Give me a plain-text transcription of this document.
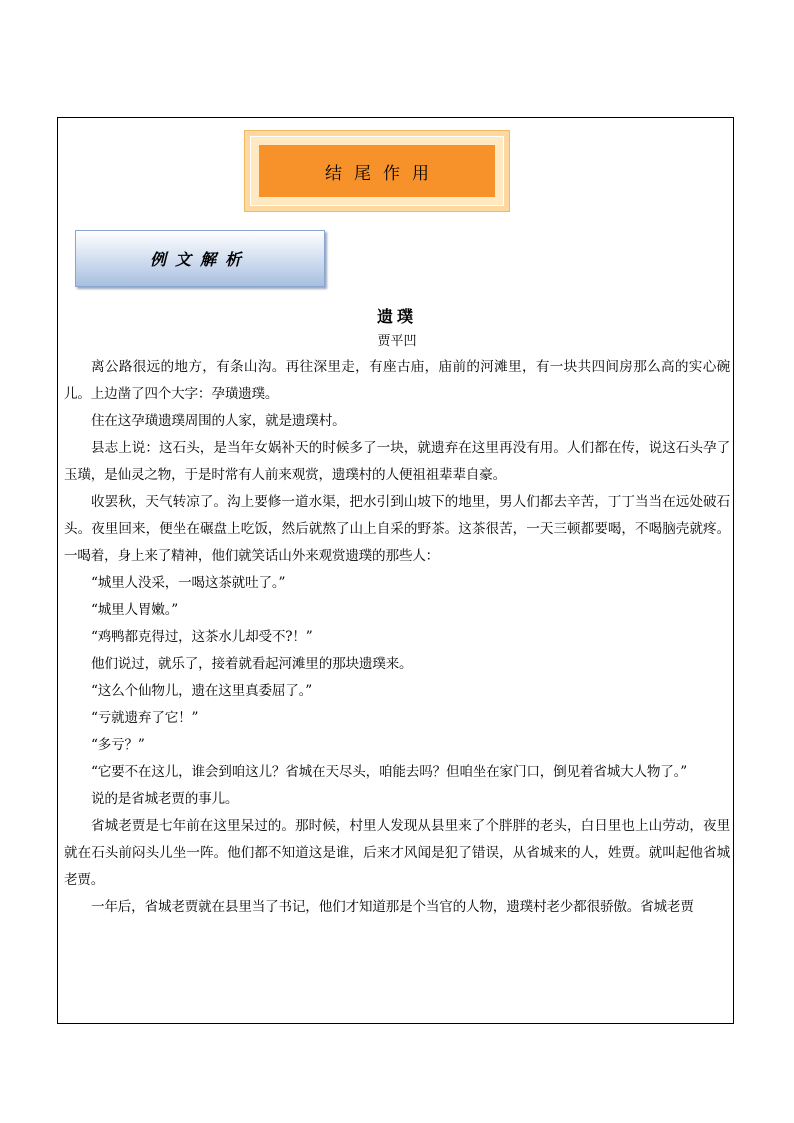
结尾作用
例文解析

遗璞

贾平凹

离公路很远的地方，有条山沟。再往深里走，有座古庙，庙前的河滩里，有一块共四间房那么高的实心碗儿。上边凿了四个大字：孕璜遗璞。

住在这孕璜遗璞周围的人家，就是遗璞村。

县志上说：这石头，是当年女娲补天的时候多了一块，就遗弃在这里再没有用。人们都在传，说这石头孕了玉璜，是仙灵之物，于是时常有人前来观赏，遗璞村的人便祖祖辈辈自豪。

收罢秋，天气转凉了。沟上要修一道水渠，把水引到山坡下的地里，男人们都去辛苦，丁丁当当在远处破石头。夜里回来，便坐在碾盘上吃饭，然后就熬了山上自采的野茶。这茶很苦，一天三顿都要喝，不喝脑壳就疼。一喝着，身上来了精神，他们就笑话山外来观赏遗璞的那些人：

“城里人没采，一喝这茶就吐了。”

“城里人胃嫩。”

“鸡鸭都克得过，这茶水儿却受不?！”

他们说过，就乐了，接着就看起河滩里的那块遗璞来。

“这么个仙物儿，遗在这里真委屈了。”

“亏就遗弃了它！”

“多亏？”

“它要不在这儿，谁会到咱这儿？省城在天尽头，咱能去吗？但咱坐在家门口，倒见着省城大人物了。”

说的是省城老贾的事儿。

省城老贾是七年前在这里呆过的。那时候，村里人发现从县里来了个胖胖的老头，白日里也上山劳动，夜里就在石头前闷头儿坐一阵。他们都不知道这是谁，后来才风闻是犯了错误，从省城来的人，姓贾。就叫起他省城老贾。

一年后，省城老贾就在县里当了书记，他们才知道那是个当官的人物，遗璞村老少都很骄傲。省城老贾
